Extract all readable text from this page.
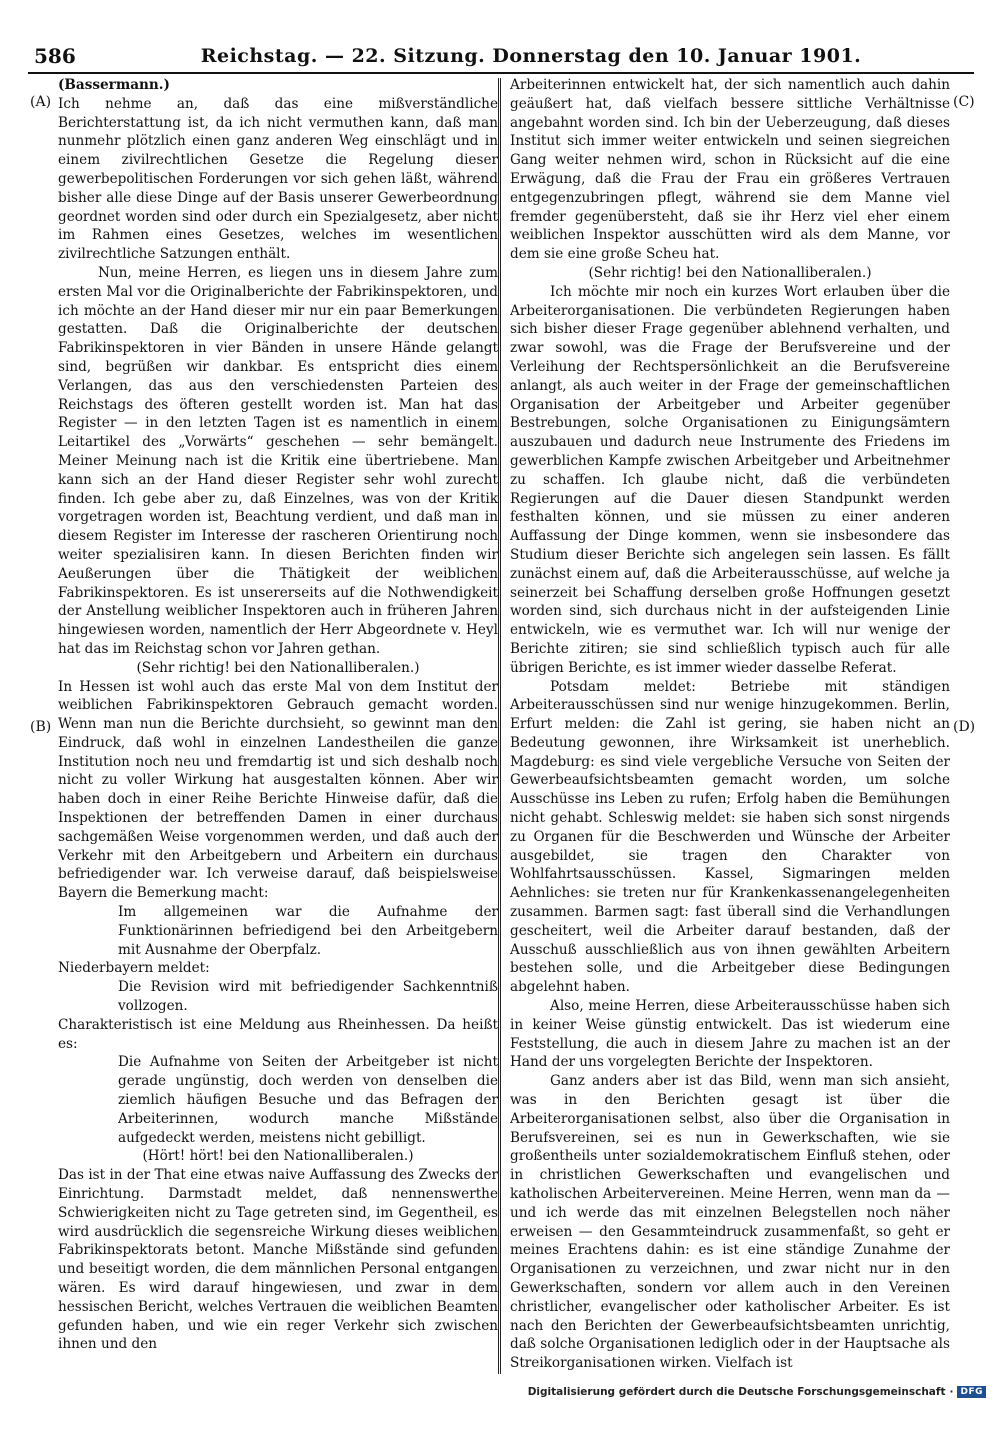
586	Reichstag. — 22. Sitzung. Donnerstag den 10. Januar 1901.
(A)
(B)
(C)
(D)

(Bassermann.)

Ich nehme an, daß das eine mißverständliche Berichterstattung ist, da ich nicht vermuthen kann, daß man nunmehr plötzlich einen ganz anderen Weg einschlägt und in einem zivilrechtlichen Gesetze die Regelung dieser gewerbepolitischen Forderungen vor sich gehen läßt, während bisher alle diese Dinge auf der Basis unserer Gewerbeordnung geordnet worden sind oder durch ein Spezialgesetz, aber nicht im Rahmen eines Gesetzes, welches im wesentlichen zivilrechtliche Satzungen enthält.

Nun, meine Herren, es liegen uns in diesem Jahre zum ersten Mal vor die Originalberichte der Fabrikinspektoren, und ich möchte an der Hand dieser mir nur ein paar Bemerkungen gestatten. Daß die Originalberichte der deutschen Fabrikinspektoren in vier Bänden in unsere Hände gelangt sind, begrüßen wir dankbar. Es entspricht dies einem Verlangen, das aus den verschiedensten Parteien des Reichstags des öfteren gestellt worden ist. Man hat das Register — in den letzten Tagen ist es namentlich in einem Leitartikel des „Vorwärts“ geschehen — sehr bemängelt. Meiner Meinung nach ist die Kritik eine übertriebene. Man kann sich an der Hand dieser Register sehr wohl zurecht finden. Ich gebe aber zu, daß Einzelnes, was von der Kritik vorgetragen worden ist, Beachtung verdient, und daß man in diesem Register im Interesse der rascheren Orientirung noch weiter spezialisiren kann. In diesen Berichten finden wir Aeußerungen über die Thätigkeit der weiblichen Fabrikinspektoren. Es ist unsererseits auf die Nothwendigkeit der Anstellung weiblicher Inspektoren auch in früheren Jahren hingewiesen worden, namentlich der Herr Abgeordnete v. Heyl hat das im Reichstag schon vor Jahren gethan.

(Sehr richtig! bei den Nationalliberalen.)

In Hessen ist wohl auch das erste Mal von dem Institut der weiblichen Fabrikinspektoren Gebrauch gemacht worden. Wenn man nun die Berichte durchsieht, so gewinnt man den Eindruck, daß wohl in einzelnen Landestheilen die ganze Institution noch neu und fremdartig ist und sich deshalb noch nicht zu voller Wirkung hat ausgestalten können. Aber wir haben doch in einer Reihe Berichte Hinweise dafür, daß die Inspektionen der betreffenden Damen in einer durchaus sachgemäßen Weise vorgenommen werden, und daß auch der Verkehr mit den Arbeitgebern und Arbeitern ein durchaus befriedigender war. Ich verweise darauf, daß beispielsweise Bayern die Bemerkung macht:

Im allgemeinen war die Aufnahme der Funktionärinnen befriedigend bei den Arbeitgebern mit Ausnahme der Oberpfalz.

Niederbayern meldet:

Die Revision wird mit befriedigender Sachkenntniß vollzogen.

Charakteristisch ist eine Meldung aus Rheinhessen. Da heißt es:

Die Aufnahme von Seiten der Arbeitgeber ist nicht gerade ungünstig, doch werden von denselben die ziemlich häufigen Besuche und das Befragen der Arbeiterinnen, wodurch manche Mißstände aufgedeckt werden, meistens nicht gebilligt.

(Hört! hört! bei den Nationalliberalen.)

Das ist in der That eine etwas naive Auffassung des Zwecks der Einrichtung. Darmstadt meldet, daß nennenswerthe Schwierigkeiten nicht zu Tage getreten sind, im Gegentheil, es wird ausdrücklich die segensreiche Wirkung dieses weiblichen Fabrikinspektorats betont. Manche Mißstände sind gefunden und beseitigt worden, die dem männlichen Personal entgangen wären. Es wird darauf hingewiesen, und zwar in dem hessischen Bericht, welches Vertrauen die weiblichen Beamten gefunden haben, und wie ein reger Verkehr sich zwischen ihnen und den

Arbeiterinnen entwickelt hat, der sich namentlich auch dahin geäußert hat, daß vielfach bessere sittliche Verhältnisse angebahnt worden sind. Ich bin der Ueberzeugung, daß dieses Institut sich immer weiter entwickeln und seinen siegreichen Gang weiter nehmen wird, schon in Rücksicht auf die eine Erwägung, daß die Frau der Frau ein größeres Vertrauen entgegenzubringen pflegt, während sie dem Manne viel fremder gegenübersteht, daß sie ihr Herz viel eher einem weiblichen Inspektor ausschütten wird als dem Manne, vor dem sie eine große Scheu hat.

(Sehr richtig! bei den Nationalliberalen.)

Ich möchte mir noch ein kurzes Wort erlauben über die Arbeiterorganisationen. Die verbündeten Regierungen haben sich bisher dieser Frage gegenüber ablehnend verhalten, und zwar sowohl, was die Frage der Berufsvereine und der Verleihung der Rechtspersönlichkeit an die Berufsvereine anlangt, als auch weiter in der Frage der gemeinschaftlichen Organisation der Arbeitgeber und Arbeiter gegenüber Bestrebungen, solche Organisationen zu Einigungsämtern auszubauen und dadurch neue Instrumente des Friedens im gewerblichen Kampfe zwischen Arbeitgeber und Arbeitnehmer zu schaffen. Ich glaube nicht, daß die verbündeten Regierungen auf die Dauer diesen Standpunkt werden festhalten können, und sie müssen zu einer anderen Auffassung der Dinge kommen, wenn sie insbesondere das Studium dieser Berichte sich angelegen sein lassen. Es fällt zunächst einem auf, daß die Arbeiterausschüsse, auf welche ja seinerzeit bei Schaffung derselben große Hoffnungen gesetzt worden sind, sich durchaus nicht in der aufsteigenden Linie entwickeln, wie es vermuthet war. Ich will nur wenige der Berichte zitiren; sie sind schließlich typisch auch für alle übrigen Berichte, es ist immer wieder dasselbe Referat.

Potsdam meldet: Betriebe mit ständigen Arbeiterausschüssen sind nur wenige hinzugekommen. Berlin, Erfurt melden: die Zahl ist gering, sie haben nicht an Bedeutung gewonnen, ihre Wirksamkeit ist unerheblich. Magdeburg: es sind viele vergebliche Versuche von Seiten der Gewerbeaufsichtsbeamten gemacht worden, um solche Ausschüsse ins Leben zu rufen; Erfolg haben die Bemühungen nicht gehabt. Schleswig meldet: sie haben sich sonst nirgends zu Organen für die Beschwerden und Wünsche der Arbeiter ausgebildet, sie tragen den Charakter von Wohlfahrtsausschüssen. Kassel, Sigmaringen melden Aehnliches: sie treten nur für Krankenkassenangelegenheiten zusammen. Barmen sagt: fast überall sind die Verhandlungen gescheitert, weil die Arbeiter darauf bestanden, daß der Ausschuß ausschließlich aus von ihnen gewählten Arbeitern bestehen solle, und die Arbeitgeber diese Bedingungen abgelehnt haben.

Also, meine Herren, diese Arbeiterausschüsse haben sich in keiner Weise günstig entwickelt. Das ist wiederum eine Feststellung, die auch in diesem Jahre zu machen ist an der Hand der uns vorgelegten Berichte der Inspektoren.

Ganz anders aber ist das Bild, wenn man sich ansieht, was in den Berichten gesagt ist über die Arbeiterorganisationen selbst, also über die Organisation in Berufsvereinen, sei es nun in Gewerkschaften, wie sie großentheils unter sozialdemokratischem Einfluß stehen, oder in christlichen Gewerkschaften und evangelischen und katholischen Arbeitervereinen. Meine Herren, wenn man da — und ich werde das mit einzelnen Belegstellen noch näher erweisen — den Gesammteindruck zusammenfaßt, so geht er meines Erachtens dahin: es ist eine ständige Zunahme der Organisationen zu verzeichnen, und zwar nicht nur in den Gewerkschaften, sondern vor allem auch in den Vereinen christlicher, evangelischer oder katholischer Arbeiter. Es ist nach den Berichten der Gewerbeaufsichtsbeamten unrichtig, daß solche Organisationen lediglich oder in der Hauptsache als Streikorganisationen wirken. Vielfach ist

Digitalisierung gefördert durch die Deutsche Forschungsgemeinschaft · DFG
